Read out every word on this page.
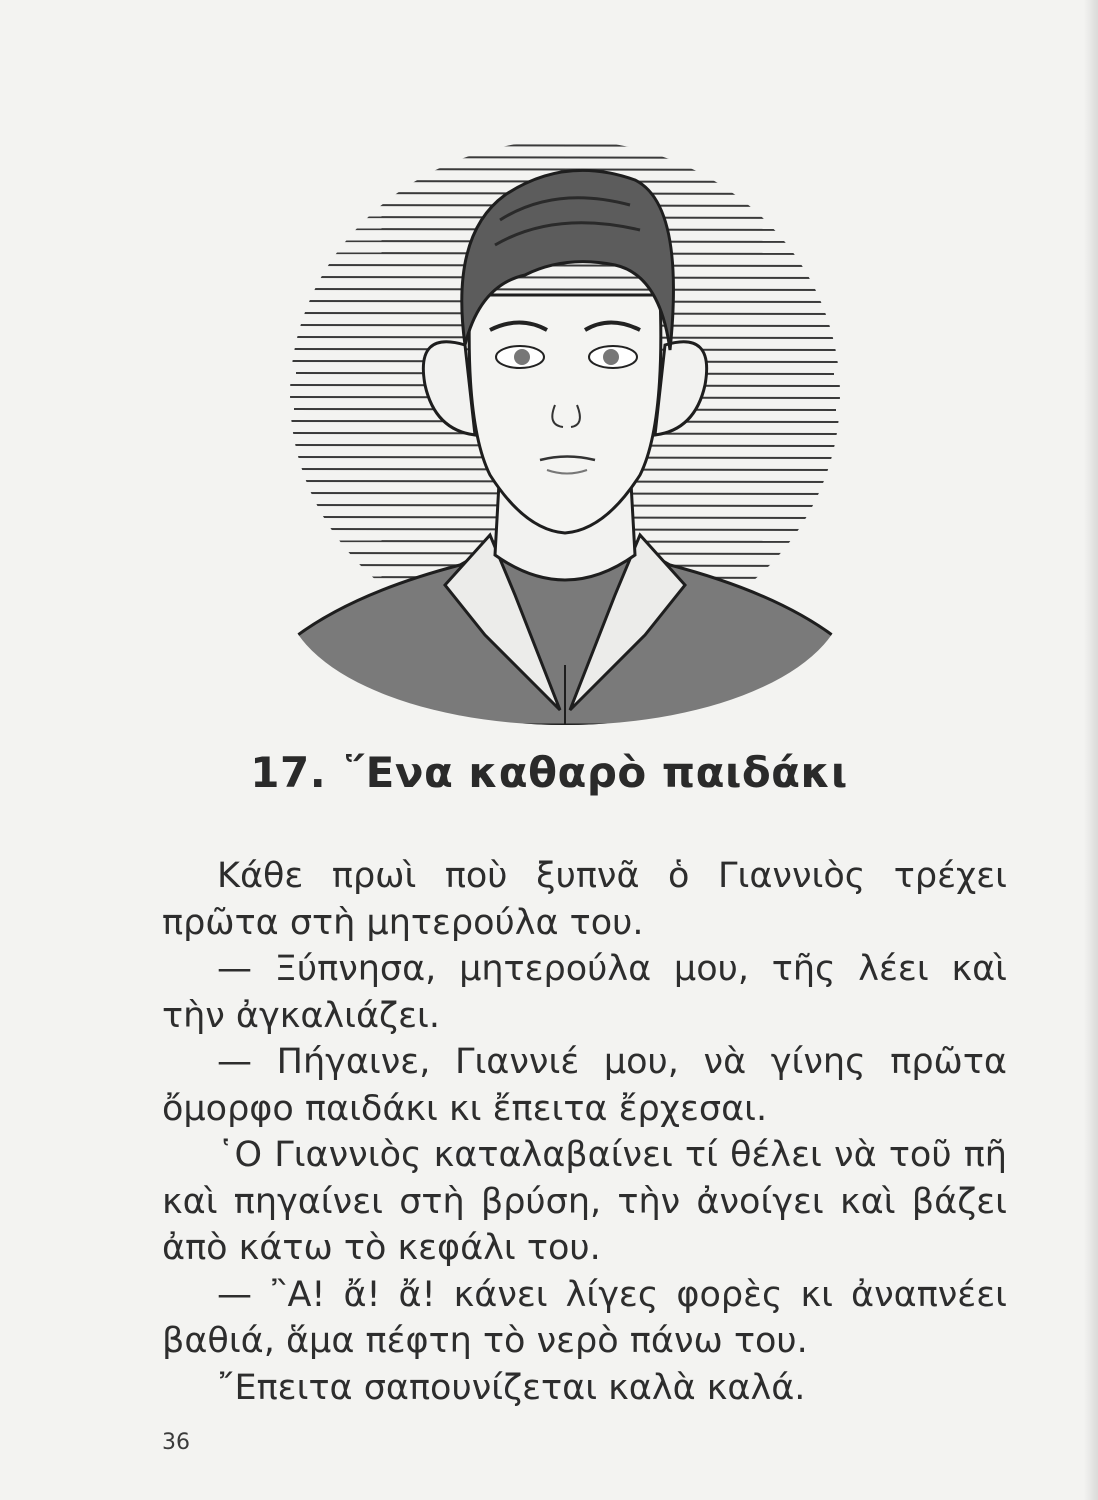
17. ῞Ενα καθαρὸ παιδάκι

Κάθε πρωὶ ποὺ ξυπνᾶ ὁ Γιαννιὸς τρέχει πρῶτα στὴ μητερούλα του.

— Ξύπνησα, μητερούλα μου, τῆς λέει καὶ τὴν ἀγκαλιάζει.

— Πήγαινε, Γιαννιέ μου, νὰ γίνης πρῶτα ὄμορφο παιδάκι κι ἔπειτα ἔρχεσαι.

῾Ο Γιαννιὸς καταλαβαίνει τί θέλει νὰ τοῦ πῆ καὶ πηγαίνει στὴ βρύση, τὴν ἀνοίγει καὶ βάζει ἀπὸ κάτω τὸ κεφάλι του.

— ῍Α! ἄ! ἄ! κάνει λίγες φορὲς κι ἀναπνέει βαθιά, ἅμα πέφτη τὸ νερὸ πάνω του.

῎Επειτα σαπουνίζεται καλὰ καλά.

36
